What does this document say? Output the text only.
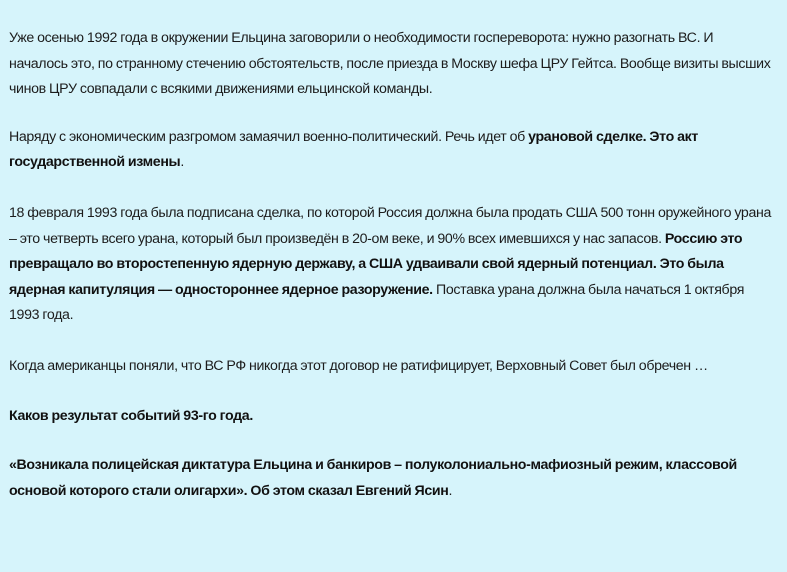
Уже осенью 1992 года в окружении Ельцина заговорили о необходимости госпереворота: нужно разогнать ВС. И началось это, по странному стечению обстоятельств, после приезда в Москву шефа ЦРУ Гейтса. Вообще визиты высших чинов ЦРУ совпадали с всякими движениями ельцинской команды.

Наряду с экономическим разгромом замаячил военно-политический. Речь идет об урановой сделке. Это акт государственной измены.

18 февраля 1993 года была подписана сделка, по которой Россия должна была продать США 500 тонн оружейного урана – это четверть всего урана, который был произведён в 20-ом веке, и 90% всех имевшихся у нас запасов. Россию это превращало во второстепенную ядерную державу, а США удваивали свой ядерный потенциал. Это была ядерная капитуляция — одностороннее ядерное разоружение. Поставка урана должна была начаться 1 октября 1993 года.

Когда американцы поняли, что ВС РФ никогда этот договор не ратифицирует, Верховный Совет был обречен …

Каков результат событий 93-го года.

«Возникала полицейская диктатура Ельцина и банкиров – полуколониально-мафиозный режим, классовой основой которого стали олигархи». Об этом сказал Евгений Ясин.
